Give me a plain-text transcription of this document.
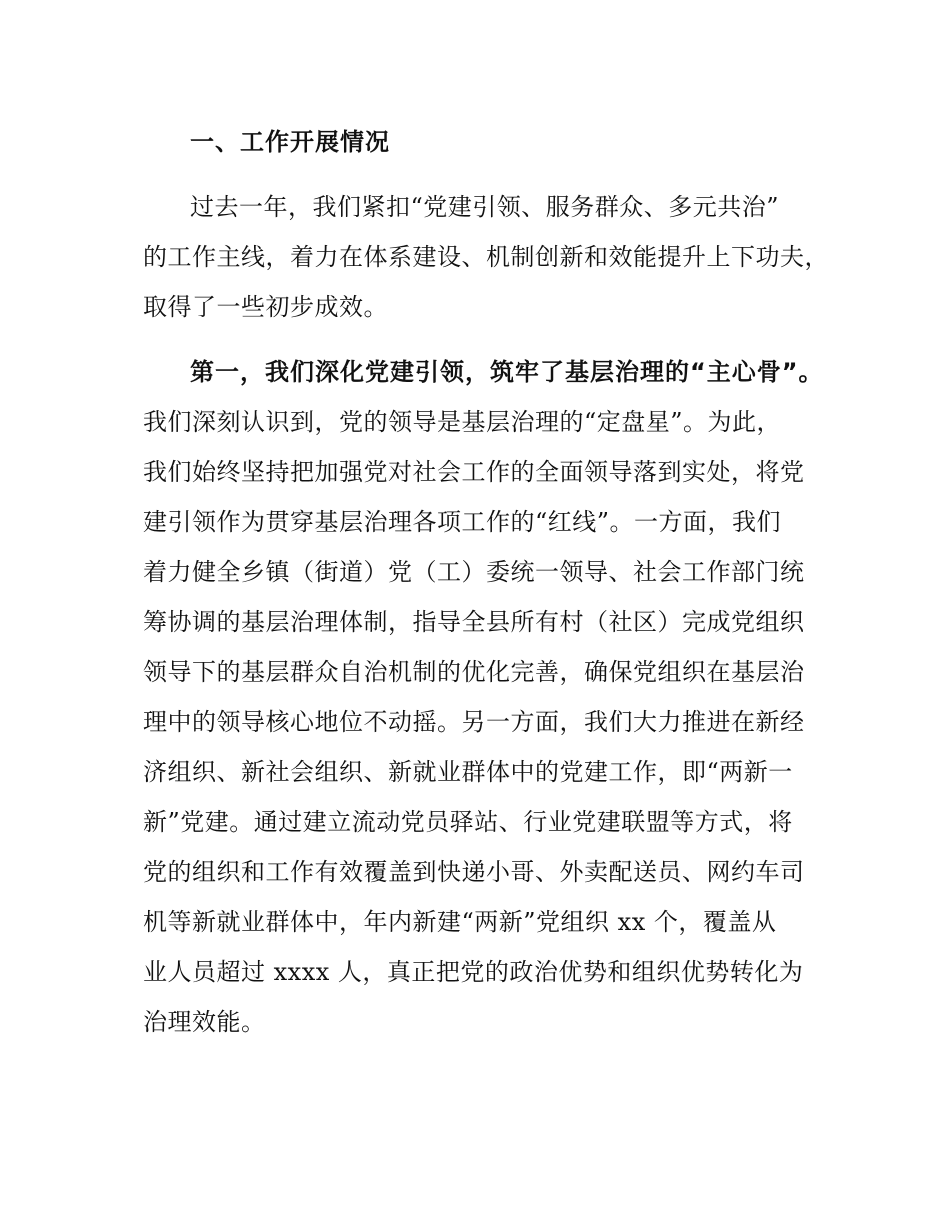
一、工作开展情况
过去一年，我们紧扣“党建引领、服务群众、多元共治”
的工作主线，着力在体系建设、机制创新和效能提升上下功夫，
取得了一些初步成效。
第一，我们深化党建引领，筑牢了基层治理的“主心骨”。
我们深刻认识到，党的领导是基层治理的“定盘星”。为此，
我们始终坚持把加强党对社会工作的全面领导落到实处，将党
建引领作为贯穿基层治理各项工作的“红线”。一方面，我们
着力健全乡镇（街道）党（工）委统一领导、社会工作部门统
筹协调的基层治理体制，指导全县所有村（社区）完成党组织
领导下的基层群众自治机制的优化完善，确保党组织在基层治
理中的领导核心地位不动摇。另一方面，我们大力推进在新经
济组织、新社会组织、新就业群体中的党建工作，即“两新一
新”党建。通过建立流动党员驿站、行业党建联盟等方式，将
党的组织和工作有效覆盖到快递小哥、外卖配送员、网约车司
机等新就业群体中，年内新建“两新”党组织 xx 个，覆盖从
业人员超过 xxxx 人，真正把党的政治优势和组织优势转化为
治理效能。
